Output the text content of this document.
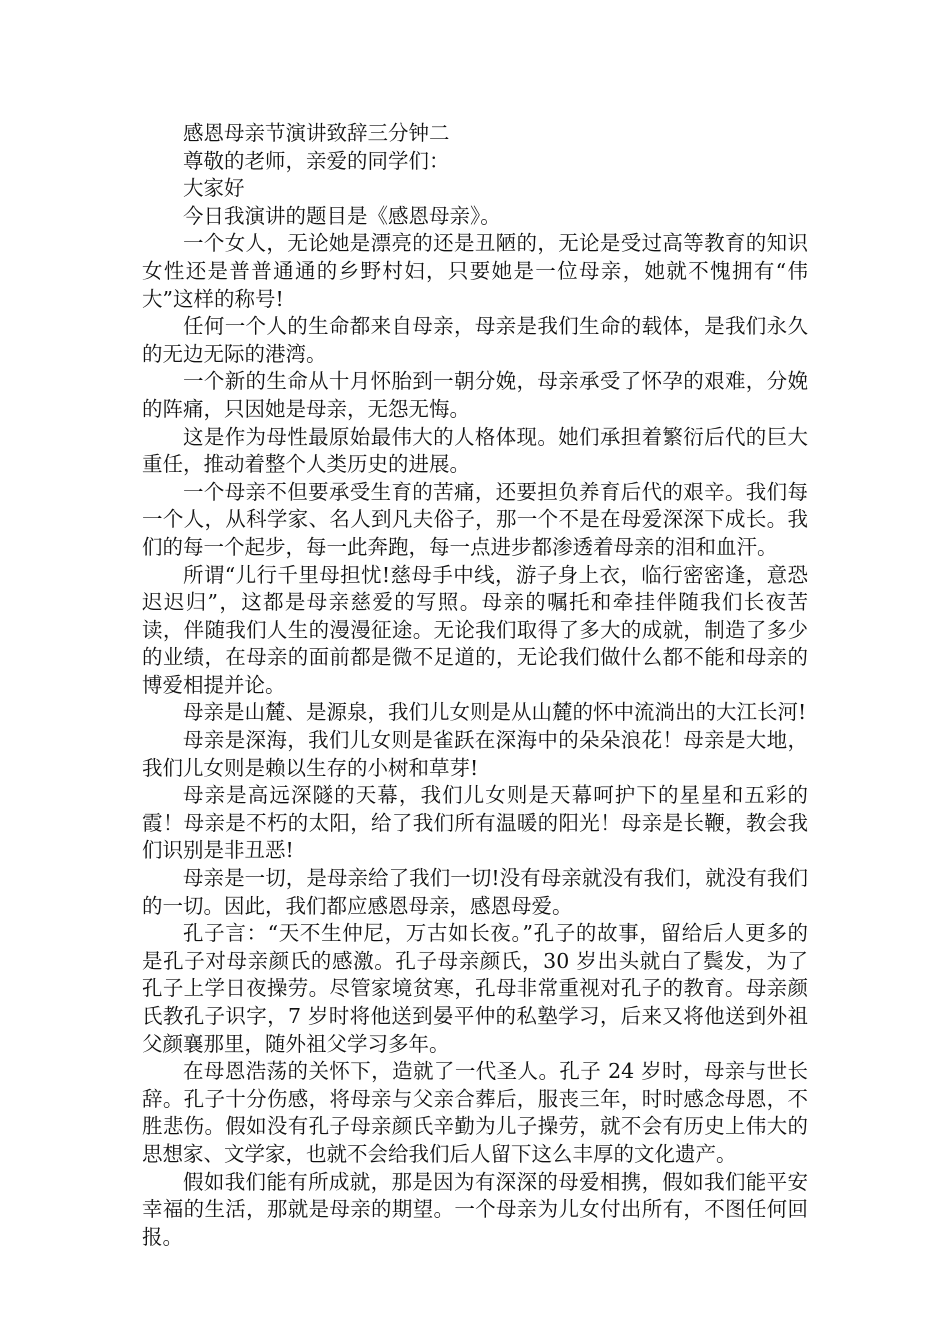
感恩母亲节演讲致辞三分钟二

尊敬的老师，亲爱的同学们：

大家好

今日我演讲的题目是《感恩母亲》。

一个女人，无论她是漂亮的还是丑陋的，无论是受过高等教育的知识女性还是普普通通的乡野村妇，只要她是一位母亲，她就不愧拥有“伟大”这样的称号!

任何一个人的生命都来自母亲，母亲是我们生命的载体，是我们永久的无边无际的港湾。

一个新的生命从十月怀胎到一朝分娩，母亲承受了怀孕的艰难，分娩的阵痛，只因她是母亲，无怨无悔。

这是作为母性最原始最伟大的人格体现。她们承担着繁衍后代的巨大重任，推动着整个人类历史的进展。

一个母亲不但要承受生育的苦痛，还要担负养育后代的艰辛。我们每一个人，从科学家、名人到凡夫俗子，那一个不是在母爱深深下成长。我们的每一个起步，每一此奔跑，每一点进步都渗透着母亲的泪和血汗。

所谓“儿行千里母担忧!慈母手中线，游子身上衣，临行密密逢，意恐迟迟归”，这都是母亲慈爱的写照。母亲的嘱托和牵挂伴随我们长夜苦读，伴随我们人生的漫漫征途。无论我们取得了多大的成就，制造了多少的业绩，在母亲的面前都是微不足道的，无论我们做什么都不能和母亲的博爱相提并论。

母亲是山麓、是源泉，我们儿女则是从山麓的怀中流淌出的大江长河!

母亲是深海，我们儿女则是雀跃在深海中的朵朵浪花！母亲是大地，我们儿女则是赖以生存的小树和草芽!

母亲是高远深隧的天幕，我们儿女则是天幕呵护下的星星和五彩的霞！母亲是不朽的太阳，给了我们所有温暖的阳光！母亲是长鞭，教会我们识别是非丑恶!

母亲是一切，是母亲给了我们一切!没有母亲就没有我们，就没有我们的一切。因此，我们都应感恩母亲，感恩母爱。

孔子言：“天不生仲尼，万古如长夜。”孔子的故事，留给后人更多的是孔子对母亲颜氏的感激。孔子母亲颜氏，30 岁出头就白了鬓发，为了孔子上学日夜操劳。尽管家境贫寒，孔母非常重视对孔子的教育。母亲颜氏教孔子识字，7 岁时将他送到晏平仲的私塾学习，后来又将他送到外祖父颜襄那里，随外祖父学习多年。

在母恩浩荡的关怀下，造就了一代圣人。孔子 24 岁时，母亲与世长辞。孔子十分伤感，将母亲与父亲合葬后，服丧三年，时时感念母恩，不胜悲伤。假如没有孔子母亲颜氏辛勤为儿子操劳，就不会有历史上伟大的思想家、文学家，也就不会给我们后人留下这么丰厚的文化遗产。

假如我们能有所成就，那是因为有深深的母爱相携，假如我们能平安幸福的生活，那就是母亲的期望。一个母亲为儿女付出所有，不图任何回报。
